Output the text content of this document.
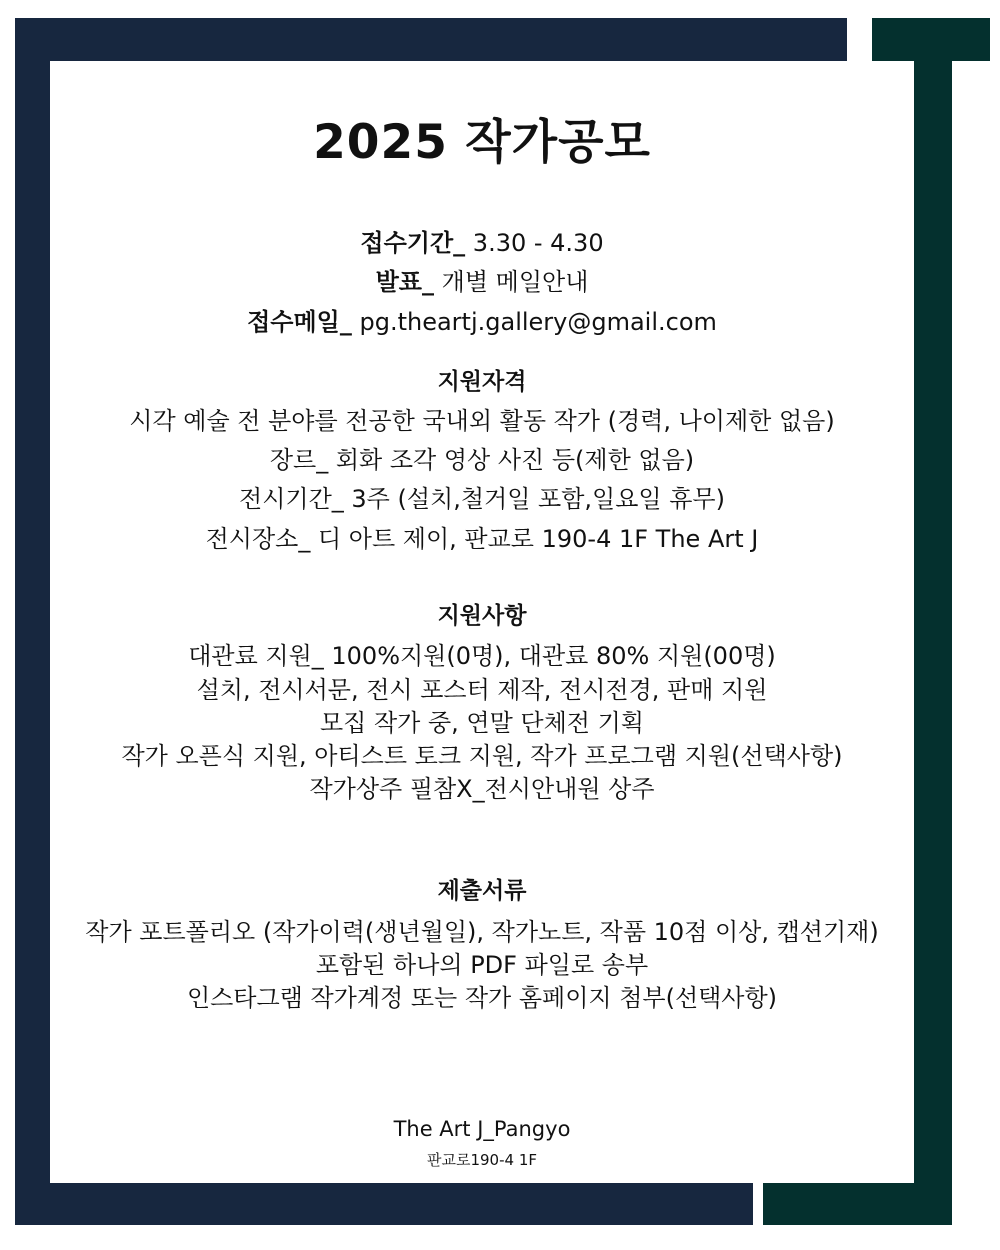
2025 작가공모

접수기간_ 3.30 - 4.30

발표_ 개별 메일안내

접수메일_ pg.theartj.gallery@gmail.com

지원자격

시각 예술 전 분야를 전공한 국내외 활동 작가 (경력, 나이제한 없음)

장르_ 회화 조각 영상 사진 등(제한 없음)

전시기간_ 3주 (설치,철거일 포함,일요일 휴무)

전시장소_ 디 아트 제이, 판교로 190-4 1F The Art J

지원사항

대관료 지원_ 100%지원(0명), 대관료 80% 지원(00명)

설치, 전시서문, 전시 포스터 제작, 전시전경, 판매 지원

모집 작가 중, 연말 단체전 기획

작가 오픈식 지원, 아티스트 토크 지원, 작가 프로그램 지원(선택사항)

작가상주 필참X_전시안내원 상주

제출서류

작가 포트폴리오 (작가이력(생년월일), 작가노트, 작품 10점 이상, 캡션기재)

포함된 하나의 PDF 파일로 송부

인스타그램 작가계정 또는 작가 홈페이지 첨부(선택사항)

The Art J_Pangyo

판교로190-4 1F
